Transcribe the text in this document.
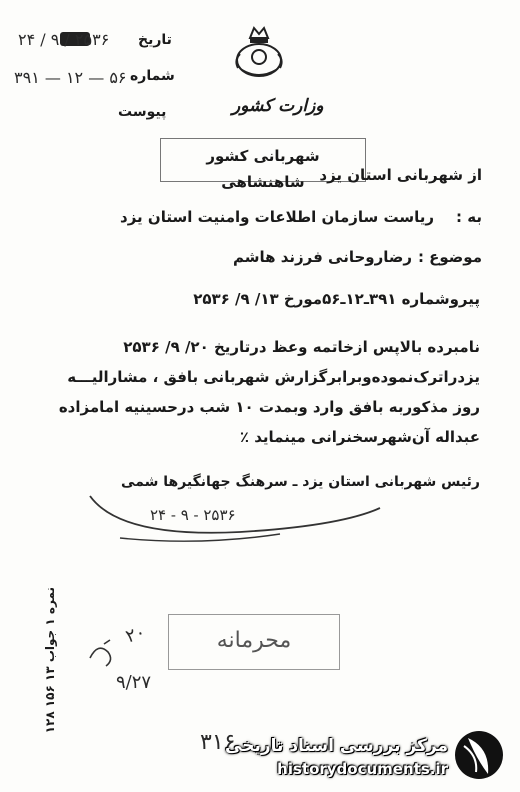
۲۴ / ۹ / ۲۵۳۶ تاریخ
۳۹۱ — ۱۲ — ۵۶ شماره
پیوست	وزارت کشور
شهربانی کشور شاهنشاهی از شهربانی استان یزد
به :
ریاست سازمان اطلاعات وامنیت استان یزد
موضوع :
رضاروحانی فرزند هاشم
پیروشماره ۳۹۱ـ۱۲ـ۵۶مورخ ۱۳/ ۹/ ۲۵۳۶
نامبرده بالاپس ازخاتمه وعظ درتاریخ ۲۰/ ۹/ ۲۵۳۶
یزدراترک‌نموده‌وبرابرگزارش شهربانی بافق ، مشارالیـــه
روز مذکوربه بافق وارد وبمدت ۱۰ شب درحسینیه امامزاده
عبداله آن‌شهرسخنرانی مینماید ٪
رئیس شهربانی استان یزد ـ سرهنگ جهانگیرها شمی
۲۴ - ۹ - ۲۵۳۶
محرمانه
۲۰
۹/۲۷
نمره ۱ جواب ۱۳ ۱۵۶ ۱۲۸
۳۱۶
مرکز بررسی اسناد تاریخی
historydocuments.ir
